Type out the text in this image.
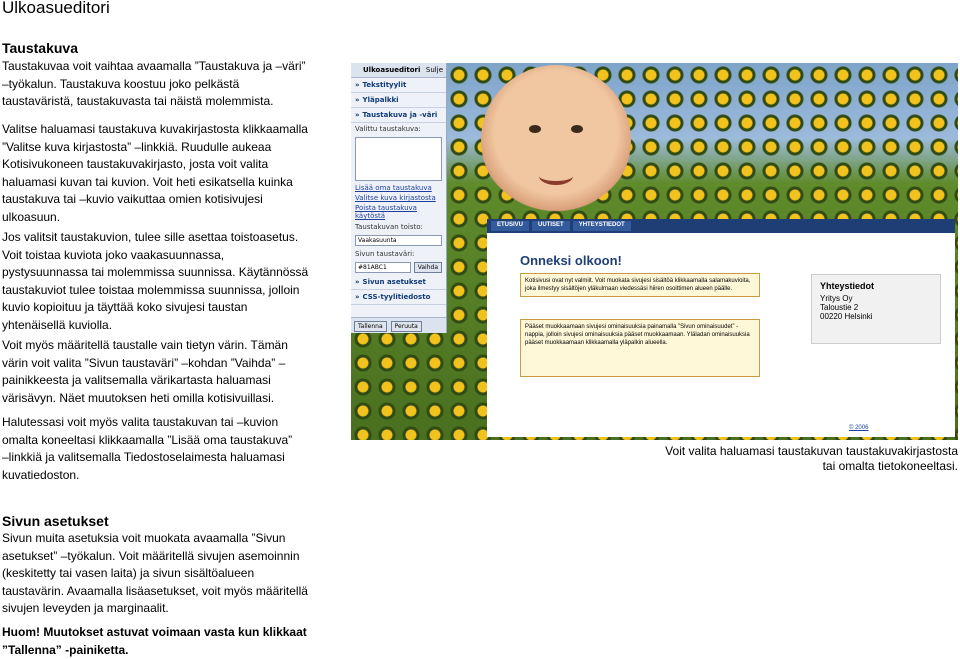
Ulkoasueditori
Taustakuva
Taustakuvaa voit vaihtaa avaamalla ”Taustakuva ja –väri”
–työkalun. Taustakuva koostuu joko pelkästä
taustaväristä, taustakuvasta tai näistä molemmista.
Valitse haluamasi taustakuva kuvakirjastosta klikkaamalla
”Valitse kuva kirjastosta” –linkkiä. Ruudulle aukeaa
Kotisivukoneen taustakuvakirjasto, josta voit valita
haluamasi kuvan tai kuvion. Voit heti esikatsella kuinka
taustakuva tai –kuvio vaikuttaa omien kotisivujesi
ulkoasuun.
Jos valitsit taustakuvion, tulee sille asettaa toistoasetus.
Voit toistaa kuviota joko vaakasuunnassa,
pystysuunnassa tai molemmissa suunnissa. Käytännössä
taustakuviot tulee toistaa molemmissa suunnissa, jolloin
kuvio kopioituu ja täyttää koko sivujesi taustan
yhtenäisellä kuviolla.
Voit myös määritellä taustalle vain tietyn värin. Tämän
värin voit valita ”Sivun taustaväri” –kohdan ”Vaihda” –
painikkeesta ja valitsemalla värikartasta haluamasi
värisävyn. Näet muutoksen heti omilla kotisivuillasi.
Halutessasi voit myös valita taustakuvan tai –kuvion
omalta koneeltasi klikkaamalla ”Lisää oma taustakuva”
–linkkiä ja valitsemalla Tiedostoselaimesta haluamasi
kuvatiedoston.
Ulkoasueditori Sulje
» Tekstityylit
» Yläpalkki
» Taustakuva ja -väri
Valittu taustakuva:
Lisää oma taustakuva
Valitse kuva kirjastosta
Poista taustakuva käytöstä
Taustakuvan toisto:
Vaakasuunta
Sivun taustaväri:
#81ABC1	Vaihda
» Sivun asetukset
» CSS-tyylitiedosto
Tallenna	Peruuta
ETUSIVU	UUTISET	YHTEYSTIEDOT
Onneksi olkoon!
Kotisivusi ovat nyt valmiit. Voit muokata sivujesi sisältöä klikkaamalla salamakuvioita, joka ilmestyy sisältöjen yläkulmaan viedessäsi hiiren osoittimen alueen päälle.
Pääset muokkaamaan sivujesi ominaisuuksia painamalla ”Sivun ominaisuudet” -nappia, jolloin sivujesi ominaisuuksia pääset muokkaamaan. Yläladan ominaisuuksia pääset muokkaamaan klikkaamalla yläpalkin alueella.
Yhteystiedot
Yritys Oy
Taloustie 2
00220 Helsinki
© 2006
Voit valita haluamasi taustakuvan taustakuvakirjastosta
tai omalta tietokoneeltasi.
Sivun asetukset
Sivun muita asetuksia voit muokata avaamalla ”Sivun
asetukset” –työkalun. Voit määritellä sivujen asemoinnin
(keskitetty tai vasen laita) ja sivun sisältöalueen
taustavärin. Avaamalla lisäasetukset, voit myös määritellä
sivujen leveyden ja marginaalit.
Huom! Muutokset astuvat voimaan vasta kun klikkaat
”Tallenna” -painiketta.
